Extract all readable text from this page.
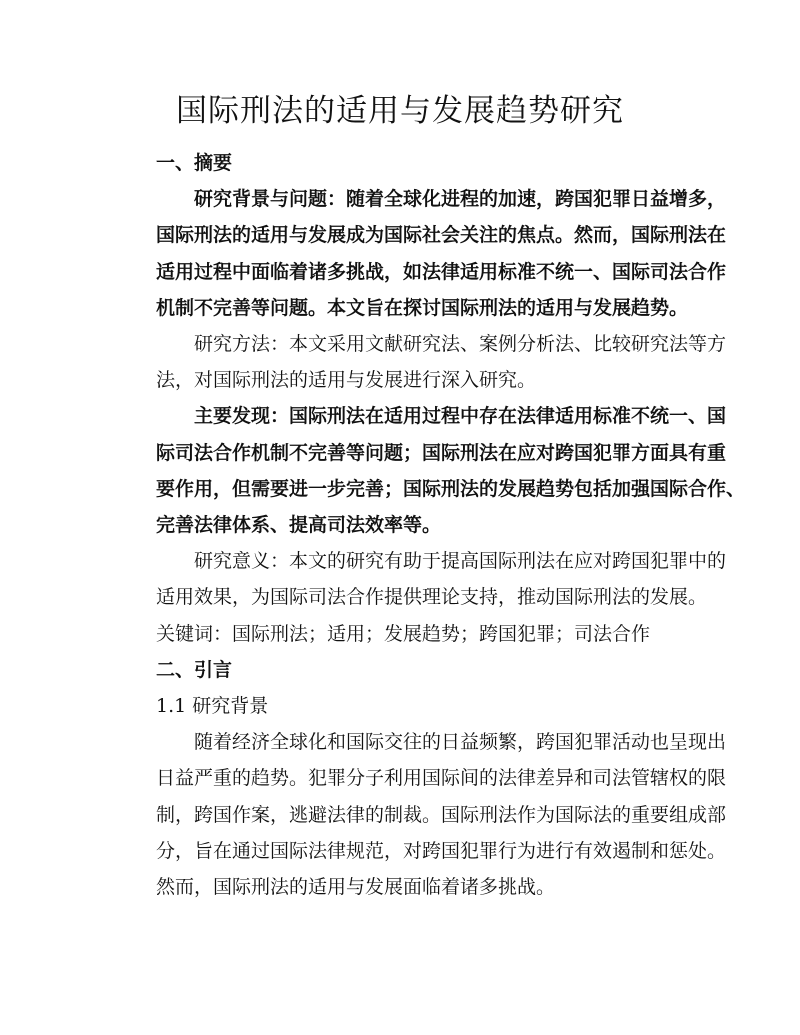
国际刑法的适用与发展趋势研究

一、摘要

研究背景与问题：随着全球化进程的加速，跨国犯罪日益增多，
国际刑法的适用与发展成为国际社会关注的焦点。然而，国际刑法在
适用过程中面临着诸多挑战，如法律适用标准不统一、国际司法合作
机制不完善等问题。本文旨在探讨国际刑法的适用与发展趋势。

研究方法：本文采用文献研究法、案例分析法、比较研究法等方
法，对国际刑法的适用与发展进行深入研究。

主要发现：国际刑法在适用过程中存在法律适用标准不统一、国
际司法合作机制不完善等问题；国际刑法在应对跨国犯罪方面具有重
要作用，但需要进一步完善；国际刑法的发展趋势包括加强国际合作、
完善法律体系、提高司法效率等。

研究意义：本文的研究有助于提高国际刑法在应对跨国犯罪中的
适用效果，为国际司法合作提供理论支持，推动国际刑法的发展。

关键词：国际刑法；适用；发展趋势；跨国犯罪；司法合作

二、引言

1.1 研究背景

随着经济全球化和国际交往的日益频繁，跨国犯罪活动也呈现出
日益严重的趋势。犯罪分子利用国际间的法律差异和司法管辖权的限
制，跨国作案，逃避法律的制裁。国际刑法作为国际法的重要组成部
分，旨在通过国际法律规范，对跨国犯罪行为进行有效遏制和惩处。
然而，国际刑法的适用与发展面临着诸多挑战。
